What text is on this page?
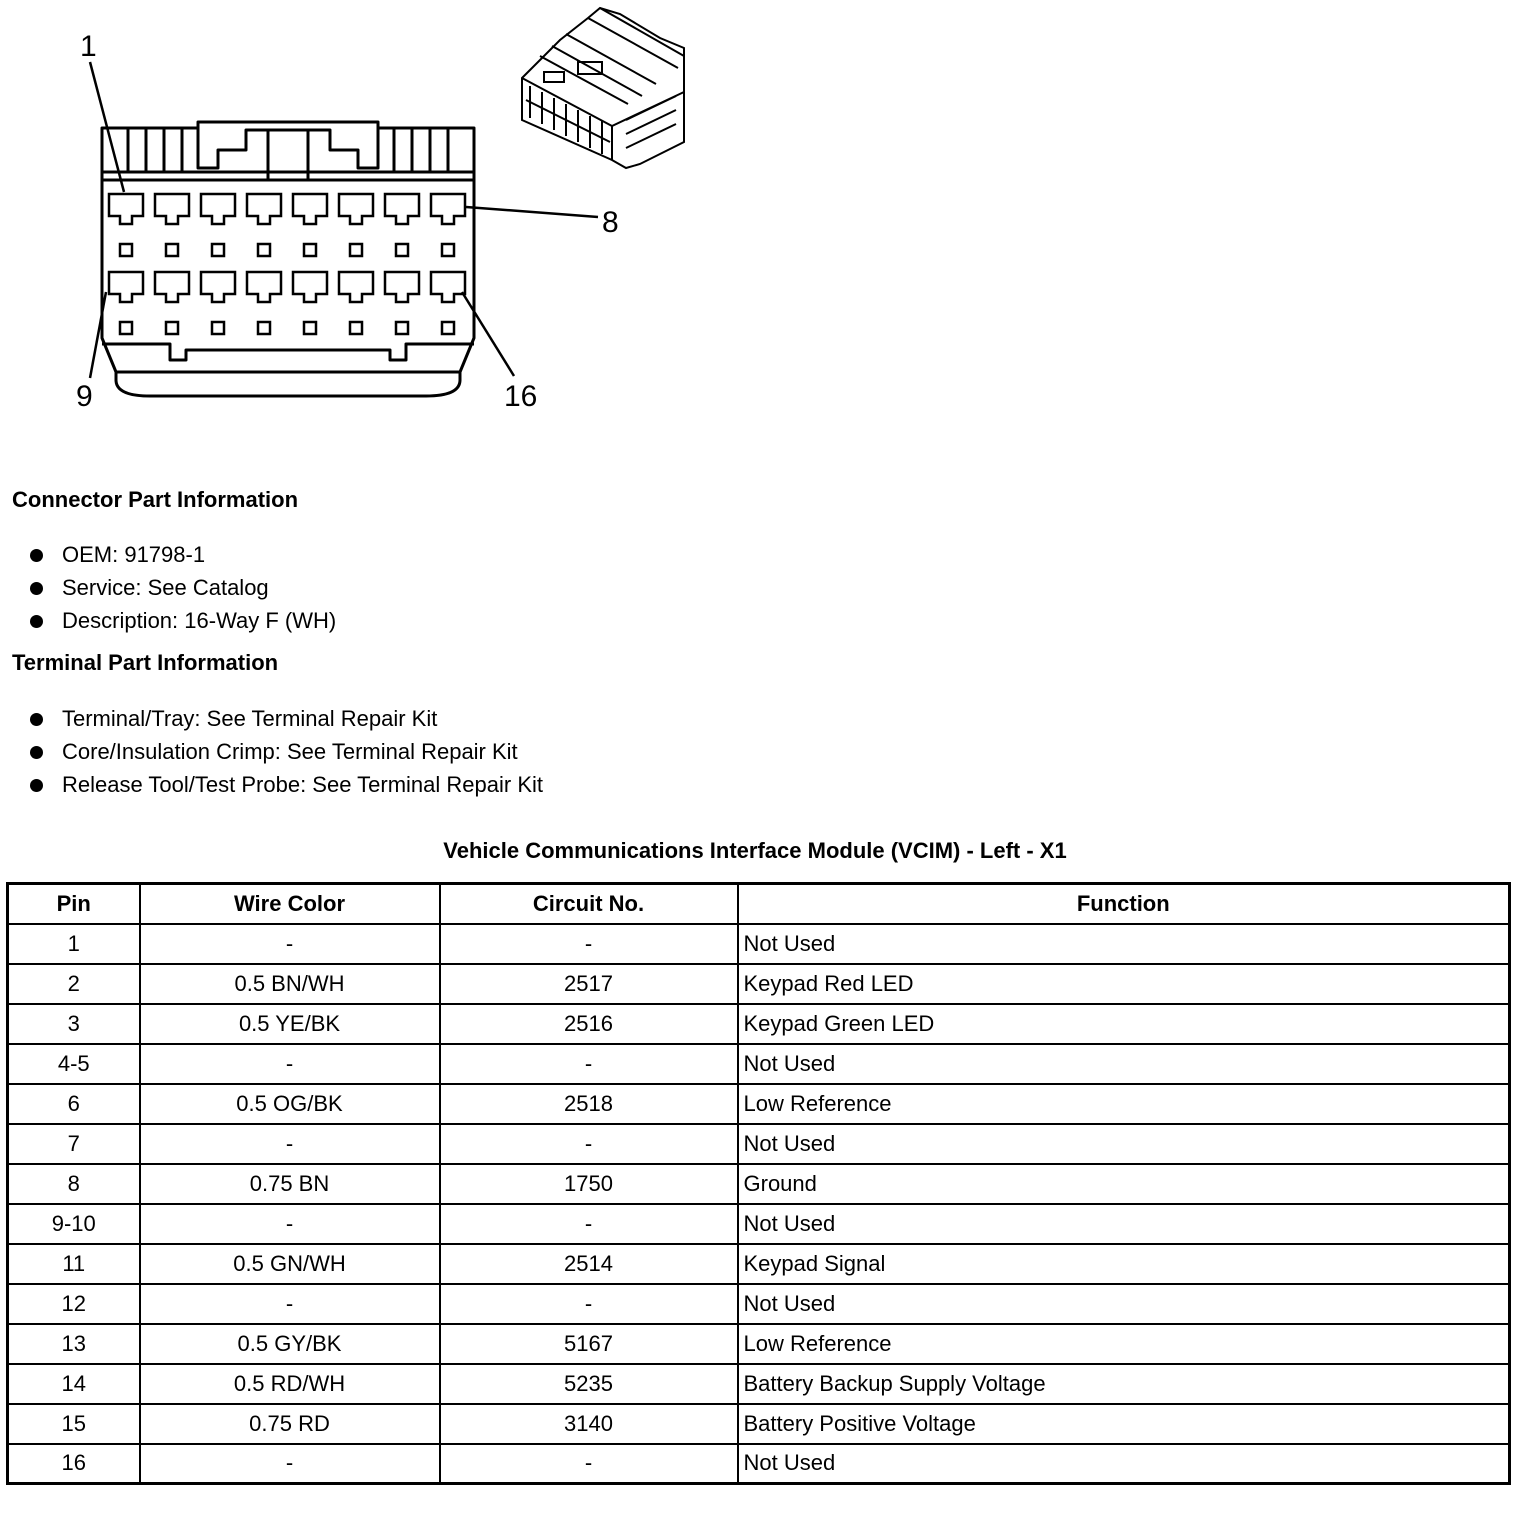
1
8
9	16
Connector Part Information
OEM: 91798-1
Service: See Catalog
Description: 16-Way F (WH)
Terminal Part Information
Terminal/Tray: See Terminal Repair Kit
Core/Insulation Crimp: See Terminal Repair Kit
Release Tool/Test Probe: See Terminal Repair Kit
Vehicle Communications Interface Module (VCIM) - Left - X1
Pin	Wire Color	Circuit No.	Function
1	-	-	Not Used
2	0.5 BN/WH	2517	Keypad Red LED
3	0.5 YE/BK	2516	Keypad Green LED
4-5	-	-	Not Used
6	0.5 OG/BK	2518	Low Reference
7	-	-	Not Used
8	0.75 BN	1750	Ground
9-10	-	-	Not Used
11	0.5 GN/WH	2514	Keypad Signal
12	-	-	Not Used
13	0.5 GY/BK	5167	Low Reference
14	0.5 RD/WH	5235	Battery Backup Supply Voltage
15	0.75 RD	3140	Battery Positive Voltage
16	-	-	Not Used
